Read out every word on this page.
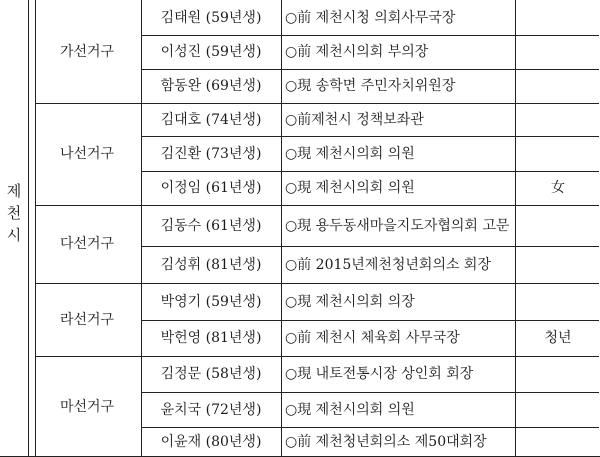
제천시
가선거구
김태원 (59년생)	○前 제천시청 의회사무국장
이성진 (59년생)	○前 제천시의회 부의장
함동완 (69년생)	○現 송학면 주민자치위원장
나선거구
김대호 (74년생)	○前제천시 정책보좌관
김진환 (73년생)	○現 제천시의회 의원
이정임 (61년생)	○現 제천시의회 의원	女
다선거구
김동수 (61년생)	○現 용두동새마을지도자협의회 고문
김성휘 (81년생)	○前 2015년제천청년회의소 회장
라선거구
박영기 (59년생)	○現 제천시의회 의장
박헌영 (81년생)	○前 제천시 체육회 사무국장	청년
마선거구
김정문 (58년생)	○現 내토전통시장 상인회 회장
윤치국 (72년생)	○現 제천시의회 의원
이윤재 (80년생)	○前 제천청년회의소 제50대회장
